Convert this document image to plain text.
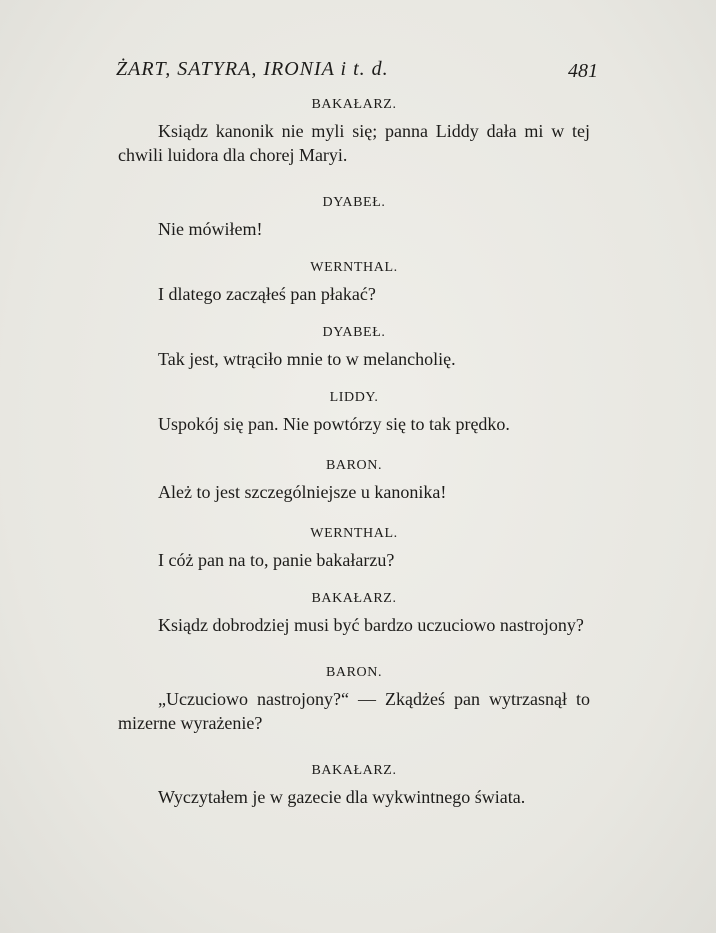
ŻART, SATYRA, IRONIA i t. d.	481

BAKAŁARZ.

Ksiądz kanonik nie myli się; panna Liddy dała mi w tej chwili luidora dla chorej Maryi.

DYABEŁ.

Nie mówiłem!

WERNTHAL.

I dlatego zacząłeś pan płakać?

DYABEŁ.

Tak jest, wtrąciło mnie to w melancholię.

LIDDY.

Uspokój się pan. Nie powtórzy się to tak prędko.

BARON.

Ależ to jest szczególniejsze u kanonika!

WERNTHAL.

I cóż pan na to, panie bakałarzu?

BAKAŁARZ.

Ksiądz dobrodziej musi być bardzo uczuciowo nastrojony?

BARON.

„Uczuciowo nastrojony?“ — Zkądżeś pan wytrzasnął to mizerne wyrażenie?

BAKAŁARZ.

Wyczytałem je w gazecie dla wykwintnego świata.
